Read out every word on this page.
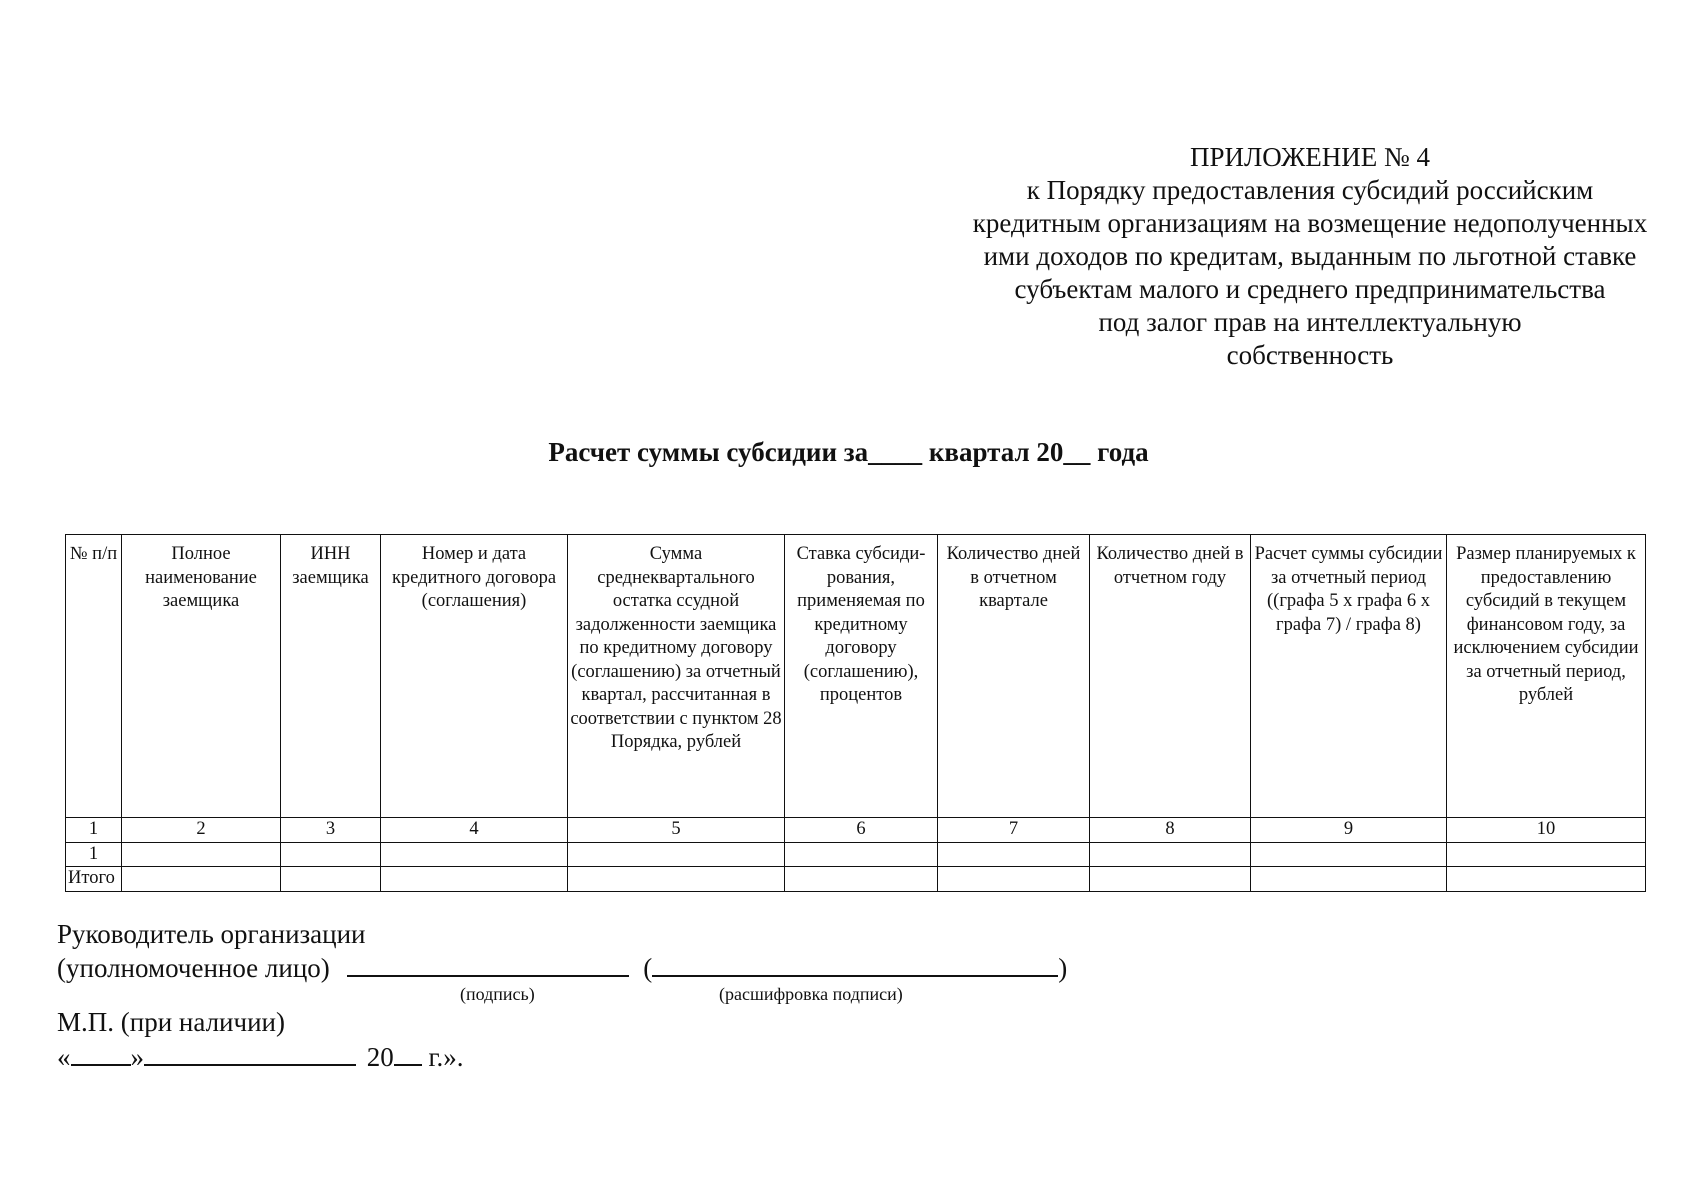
ПРИЛОЖЕНИЕ № 4
к Порядку предоставления субсидий российским
кредитным организациям на возмещение недополученных
ими доходов по кредитам, выданным по льготной ставке
субъектам малого и среднего предпринимательства
под залог прав на интеллектуальную
собственность
Расчет суммы субсидии за____ квартал 20__ года
№ п/п	Полное наименование заемщика	ИНН заемщика	Номер и дата кредитного договора (соглашения)	Сумма среднеквартального остатка ссудной задолженности заемщика по кредитному договору (соглашению) за отчетный квартал, рассчитанная в соответствии с пунктом 28 Порядка, рублей	Ставка субсиди-рования, применяемая по кредитному договору (соглашению), процентов	Количество дней в отчетном квартале	Количество дней в отчетном году	Расчет суммы субсидии за отчетный период ((графа 5 x графа 6 x графа 7) / графа 8)	Размер планируемых к предоставлению субсидий в текущем финансовом году, за исключением субсидии за отчетный период, рублей
1	2	3	4	5	6	7	8	9	10
1									
Итого									
Руководитель организации
(уполномоченное лицо)	(	)
(подпись)	(расшифровка подписи)
М.П. (при наличии)
« »	20 г.».
